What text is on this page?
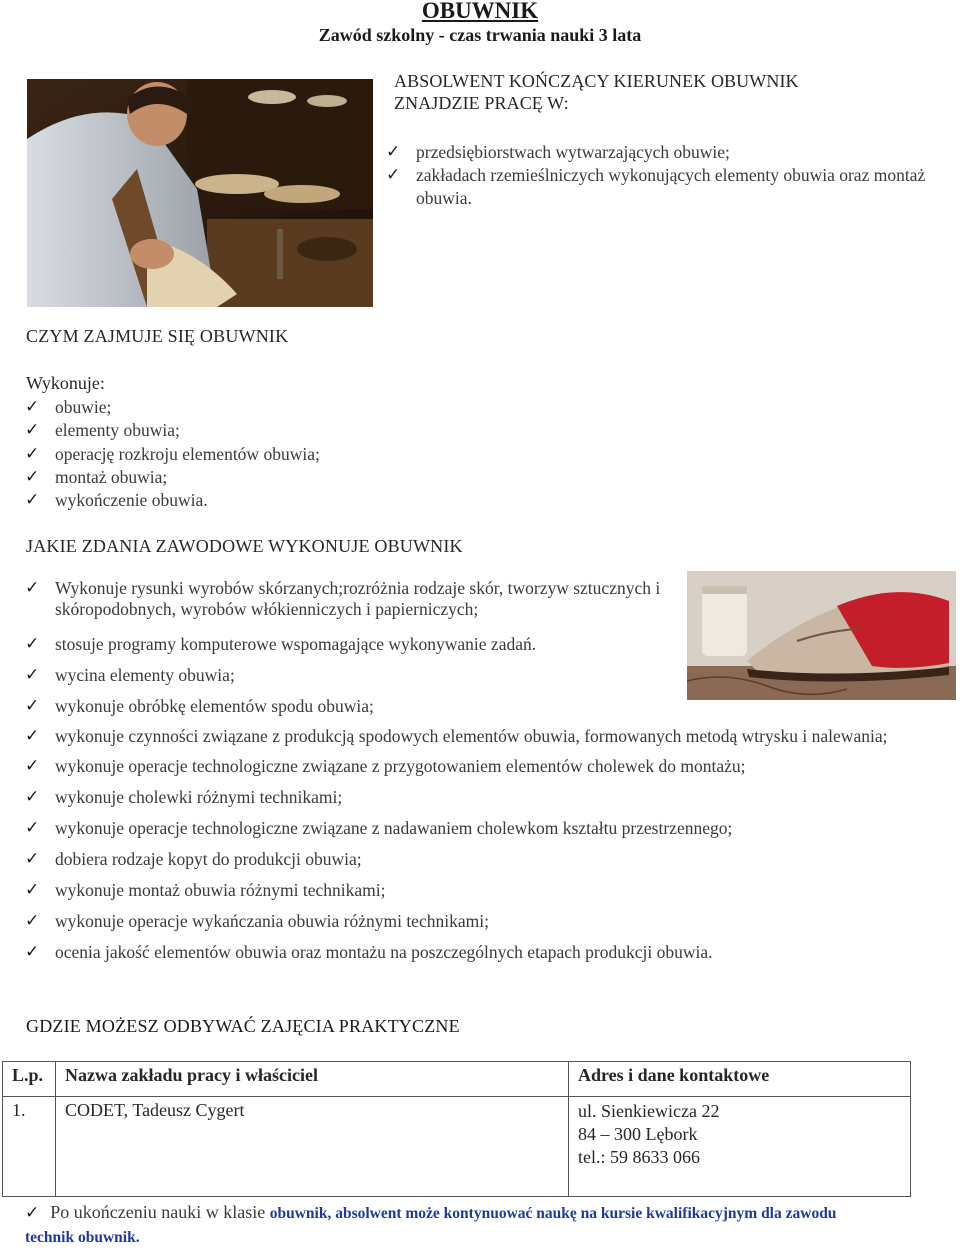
OBUWNIK
Zawód szkolny - czas trwania nauki 3 lata
ABSOLWENT KOŃCZĄCY KIERUNEK OBUWNIK
ZNAJDZIE PRACĘ W:
✓ przedsiębiorstwach wytwarzających obuwie;
✓ zakładach rzemieślniczych wykonujących elementy obuwia oraz montaż obuwia.
CZYM ZAJMUJE SIĘ OBUWNIK
Wykonuje:
✓ obuwie;
✓ elementy obuwia;
✓ operację rozkroju elementów obuwia;
✓ montaż obuwia;
✓ wykończenie obuwia.
JAKIE ZDANIA ZAWODOWE WYKONUJE OBUWNIK
✓ Wykonuje rysunki wyrobów skórzanych;rozróżnia rodzaje skór, tworzyw sztucznych i skóropodobnych, wyrobów włókienniczych i papierniczych;
✓ stosuje programy komputerowe wspomagające wykonywanie zadań.
✓ wycina elementy obuwia;
✓ wykonuje obróbkę elementów spodu obuwia;
✓ wykonuje czynności związane z produkcją spodowych elementów obuwia, formowanych metodą wtrysku i nalewania;
✓ wykonuje operacje technologiczne związane z przygotowaniem elementów cholewek do montażu;
✓ wykonuje cholewki różnymi technikami;
✓ wykonuje operacje technologiczne związane z nadawaniem cholewkom kształtu przestrzennego;
✓ dobiera rodzaje kopyt do produkcji obuwia;
✓ wykonuje montaż obuwia różnymi technikami;
✓ wykonuje operacje wykańczania obuwia różnymi technikami;
✓ ocenia jakość elementów obuwia oraz montażu na poszczególnych etapach produkcji obuwia.
GDZIE MOŻESZ ODBYWAĆ ZAJĘCIA PRAKTYCZNE
L.p.	Nazwa zakładu pracy i właściciel	Adres i dane kontaktowe
1.	CODET, Tadeusz Cygert	ul. Sienkiewicza 22
84 – 300 Lębork
tel.: 59 8633 066
✓ Po ukończeniu nauki w klasie obuwnik, absolwent może kontynuować naukę na kursie kwalifikacyjnym dla zawodu
technik obuwnik.
